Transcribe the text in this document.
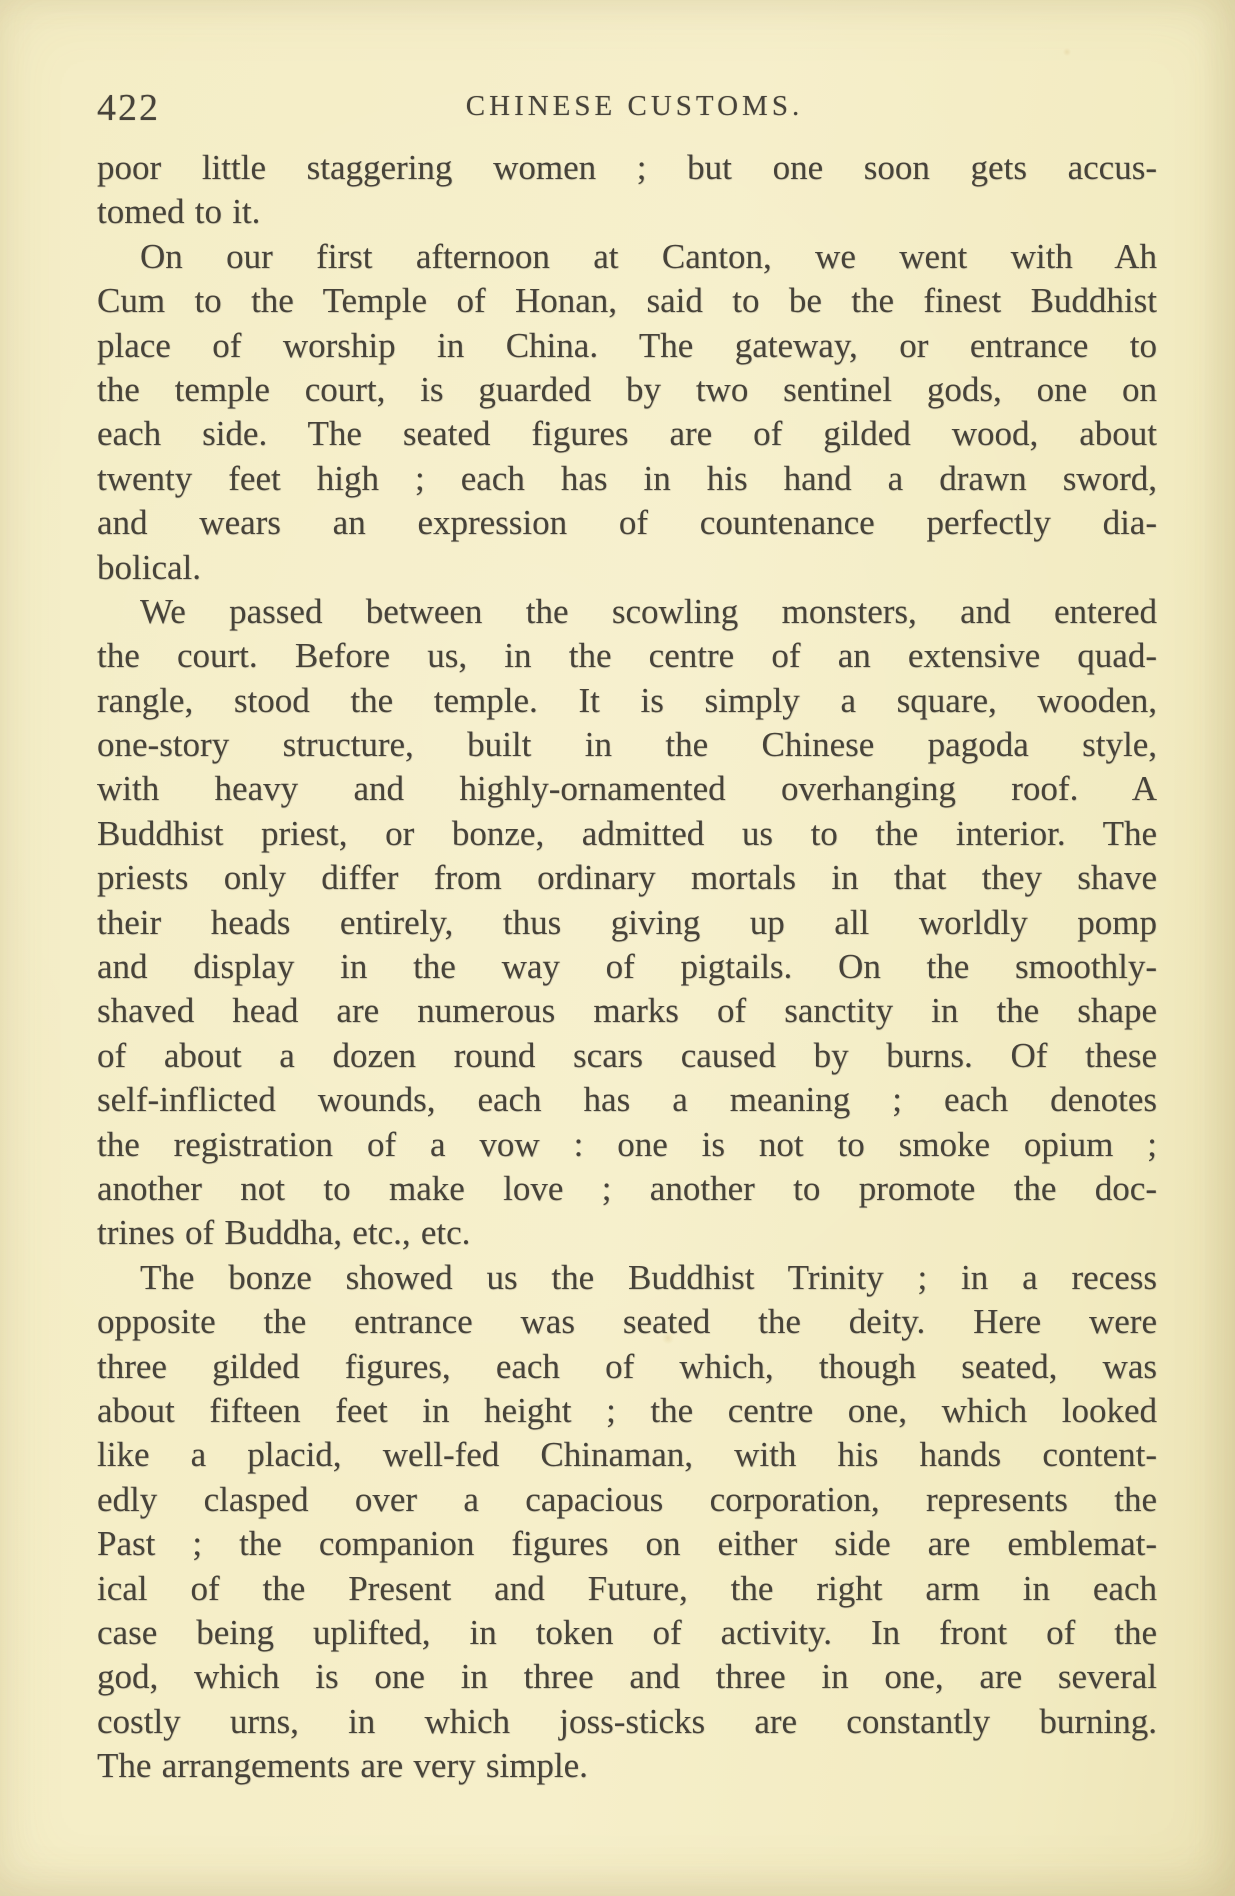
422	CHINESE CUSTOMS.
poor little staggering women ; but one soon gets accus-
tomed to it.
On our first afternoon at Canton, we went with Ah
Cum to the Temple of Honan, said to be the finest Buddhist
place of worship in China. The gateway, or entrance to
the temple court, is guarded by two sentinel gods, one on
each side. The seated figures are of gilded wood, about
twenty feet high ; each has in his hand a drawn sword,
and wears an expression of countenance perfectly dia-
bolical.
We passed between the scowling monsters, and entered
the court. Before us, in the centre of an extensive quad-
rangle, stood the temple. It is simply a square, wooden,
one-story structure, built in the Chinese pagoda style,
with heavy and highly-ornamented overhanging roof. A
Buddhist priest, or bonze, admitted us to the interior. The
priests only differ from ordinary mortals in that they shave
their heads entirely, thus giving up all worldly pomp
and display in the way of pigtails. On the smoothly-
shaved head are numerous marks of sanctity in the shape
of about a dozen round scars caused by burns. Of these
self-inflicted wounds, each has a meaning ; each denotes
the registration of a vow : one is not to smoke opium ;
another not to make love ; another to promote the doc-
trines of Buddha, etc., etc.
The bonze showed us the Buddhist Trinity ; in a recess
opposite the entrance was seated the deity. Here were
three gilded figures, each of which, though seated, was
about fifteen feet in height ; the centre one, which looked
like a placid, well-fed Chinaman, with his hands content-
edly clasped over a capacious corporation, represents the
Past ; the companion figures on either side are emblemat-
ical of the Present and Future, the right arm in each
case being uplifted, in token of activity. In front of the
god, which is one in three and three in one, are several
costly urns, in which joss-sticks are constantly burning.
The arrangements are very simple.
